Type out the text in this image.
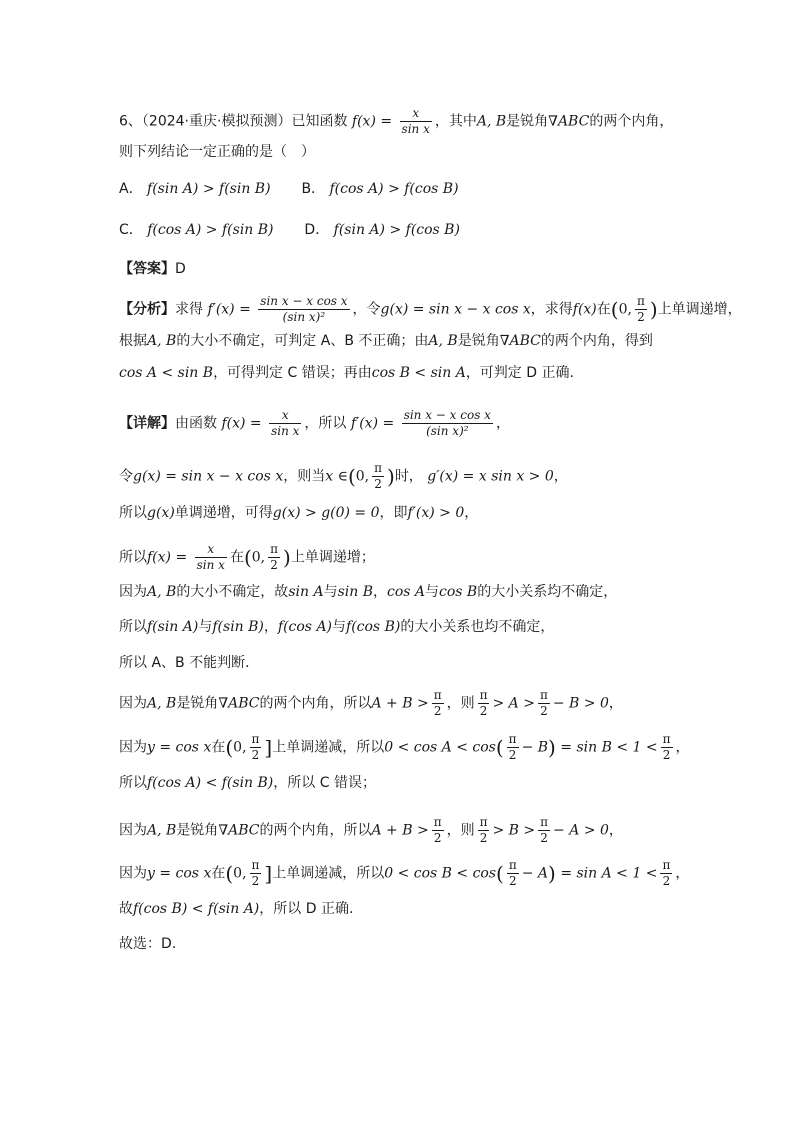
6、（2024·重庆·模拟预测）已知函数 $f(x) = \frac{x}{\text{sin x}}$ ，其中A, B是锐角∇ABC的两个内角，
则下列结论一定正确的是（　）
A． f(sin A) > f(sin B) B． f(cos A) > f(cos B)
C． f(cos A) > f(sin B) D． f(sin A) > f(cos B)
【答案】D
【分析】求得 $f'(x) = \frac{\text{sin x − x cos x}}{\text{(sin x)²}}$ ，令g(x) = sin x − x cos x，求得f(x)在(0, $\frac{\pi}{2}$ )上单调递增，
根据A, B的大小不确定，可判定 A、B 不正确；由A, B是锐角∇ABC的两个内角，得到
cos A < sin B，可得判定 C 错误；再由cos B < sin A，可判定 D 正确.
【详解】由函数 $f(x) = \frac{x}{\text{sin x}}$ ，所以 $f'(x) = \frac{\text{sin x − x cos x}}{\text{(sin x)²}}$ ，
令g(x) = sin x − x cos x，则当x ∈(0, $\frac{\pi}{2}$ )时， g′(x) = x sin x > 0，
所以g(x)单调递增，可得g(x) > g(0) = 0，即f′(x) > 0，
所以$f(x) = \frac{x}{\text{sin x}}$ 在(0, $\frac{\pi}{2}$ )上单调递增；
因为A, B的大小不确定，故sin A与sin B，cos A与cos B的大小关系均不确定，
所以f(sin A)与f(sin B)，f(cos A)与f(cos B)的大小关系也均不确定，
所以 A、B 不能判断．
因为A, B是锐角∇ABC的两个内角，所以$A + B > \frac{\pi}{2}$ ，则 $\frac{\pi}{2} > A > \frac{\pi}{2} - B > 0$，
因为y = cos x在(0, $\frac{\pi}{2}$ ]上单调递减，所以$0 < \cos A < \cos( \frac{\pi}{2} - B) = \sin B < 1 < \frac{\pi}{2}$ ，
所以f(cos A) < f(sin B)，所以 C 错误；
因为A, B是锐角∇ABC的两个内角，所以$A + B > \frac{\pi}{2}$ ，则 $\frac{\pi}{2} > B > \frac{\pi}{2} - A > 0$，
因为y = cos x在(0, $\frac{\pi}{2}$ ]上单调递减，所以$0 < \cos B < \cos( \frac{\pi}{2} - A) = \sin A < 1 < \frac{\pi}{2}$ ，
故f(cos B) < f(sin A)，所以 D 正确.
故选：D.
